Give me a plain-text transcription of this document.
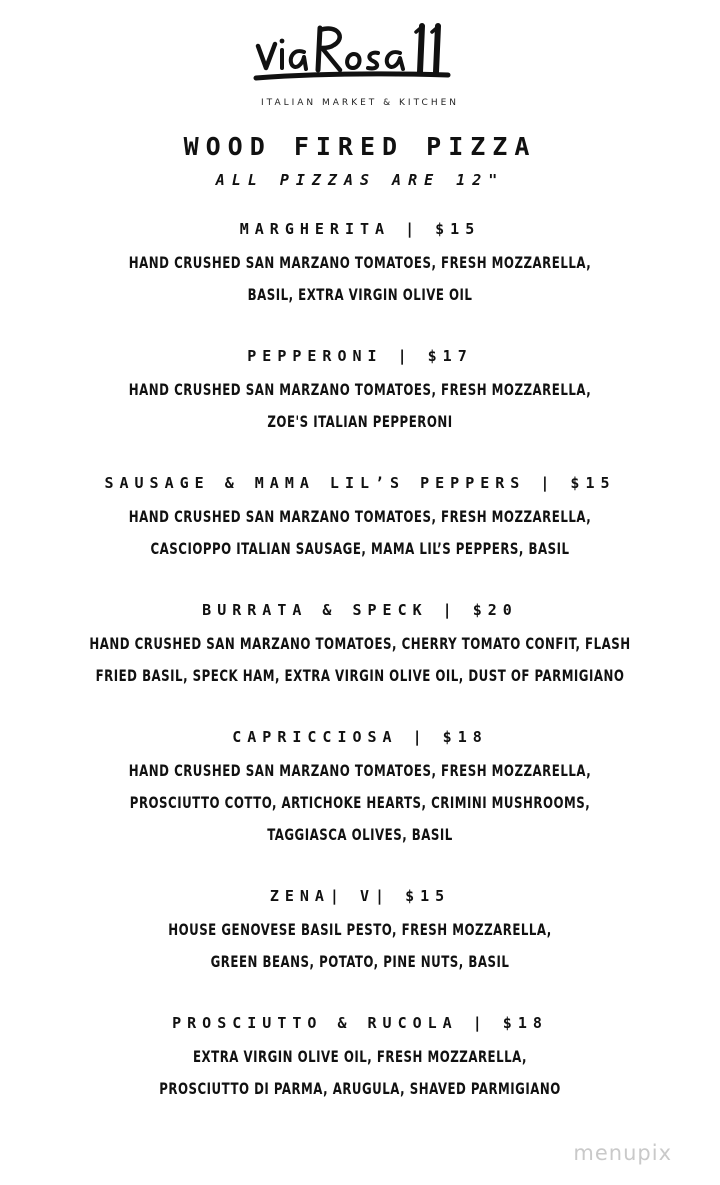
ITALIAN MARKET & KITCHEN
WOOD FIRED PIZZA
ALL PIZZAS ARE 12"
MARGHERITA | $15
HAND CRUSHED SAN MARZANO TOMATOES, FRESH MOZZARELLA,
BASIL, EXTRA VIRGIN OLIVE OIL
PEPPERONI | $17
HAND CRUSHED SAN MARZANO TOMATOES, FRESH MOZZARELLA,
ZOE'S ITALIAN PEPPERONI
SAUSAGE & MAMA LIL’S PEPPERS | $15
HAND CRUSHED SAN MARZANO TOMATOES, FRESH MOZZARELLA,
CASCIOPPO ITALIAN SAUSAGE, MAMA LIL’S PEPPERS, BASIL
BURRATA & SPECK | $20
HAND CRUSHED SAN MARZANO TOMATOES, CHERRY TOMATO CONFIT, FLASH
FRIED BASIL, SPECK HAM, EXTRA VIRGIN OLIVE OIL, DUST OF PARMIGIANO
CAPRICCIOSA | $18
HAND CRUSHED SAN MARZANO TOMATOES, FRESH MOZZARELLA,
PROSCIUTTO COTTO, ARTICHOKE HEARTS, CRIMINI MUSHROOMS,
TAGGIASCA OLIVES, BASIL
ZENA| V| $15
HOUSE GENOVESE BASIL PESTO, FRESH MOZZARELLA,
GREEN BEANS, POTATO, PINE NUTS, BASIL
PROSCIUTTO & RUCOLA | $18
EXTRA VIRGIN OLIVE OIL, FRESH MOZZARELLA,
PROSCIUTTO DI PARMA, ARUGULA, SHAVED PARMIGIANO
menupix
